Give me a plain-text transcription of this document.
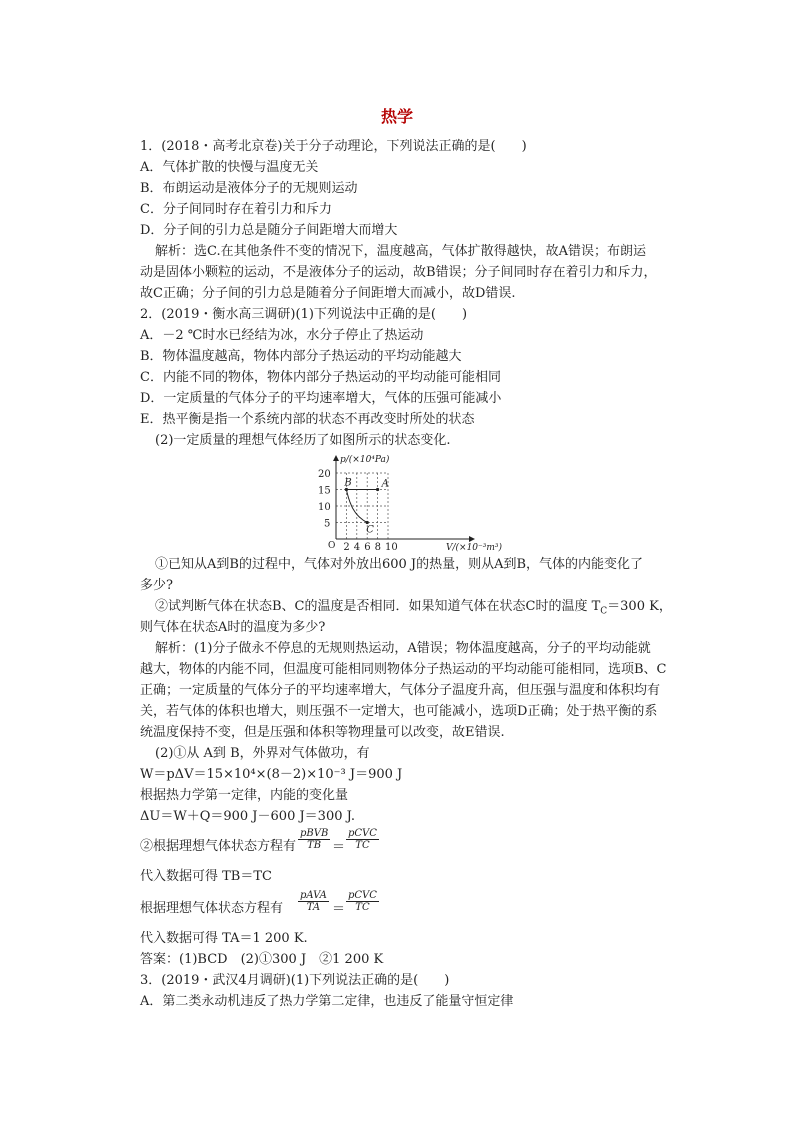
热学
1．(2018・高考北京卷)关于分子动理论，下列说法正确的是(　　)
A．气体扩散的快慢与温度无关
B．布朗运动是液体分子的无规则运动
C．分子间同时存在着引力和斥力
D．分子间的引力总是随分子间距增大而增大
解析：选C.在其他条件不变的情况下，温度越高，气体扩散得越快，故A错误；布朗运
动是固体小颗粒的运动，不是液体分子的运动，故B错误；分子间同时存在着引力和斥力，
故C正确；分子间的引力总是随着分子间距增大而减小，故D错误.
2．(2019・衡水高三调研)(1)下列说法中正确的是(　　)
A．－2 ℃时水已经结为冰，水分子停止了热运动
B．物体温度越高，物体内部分子热运动的平均动能越大
C．内能不同的物体，物体内部分子热运动的平均动能可能相同
D．一定质量的气体分子的平均速率增大，气体的压强可能减小
E．热平衡是指一个系统内部的状态不再改变时所处的状态
(2)一定质量的理想气体经历了如图所示的状态变化.
2 4 6 8 10
5
10
15
20
A
B
C
p/(×10⁴Pa)
V/(×10⁻³m³)
O
①已知从A到B的过程中，气体对外放出600 J的热量，则从A到B，气体的内能变化了
多少?
②试判断气体在状态B、C的温度是否相同．如果知道气体在状态C时的温度 $T_C=300$ K，
则气体在状态A时的温度为多少?
解析：(1)分子做永不停息的无规则热运动，A错误；物体温度越高，分子的平均动能就
越大，物体的内能不同，但温度可能相同则物体分子热运动的平均动能可能相同，选项B、C
正确；一定质量的气体分子的平均速率增大，气体分子温度升高，但压强与温度和体积均有
关，若气体的体积也增大，则压强不一定增大，也可能减小，选项D正确；处于热平衡的系
统温度保持不变，但是压强和体积等物理量可以改变，故E错误.
(2)①从 A到 B，外界对气体做功，有
W＝pΔV＝15×10⁴×(8－2)×10⁻³ J＝900 J
根据热力学第一定律，内能的变化量
ΔU＝W＋Q＝900 J－600 J＝300 J.
②根据理想气体状态方程有
pBVB
TB ＝
pCVC
TC
代入数据可得 TB＝TC
根据理想气体状态方程有
pAVA
TA ＝
pCVC
TC
代入数据可得 TA＝1 200 K.
答案：(1)BCD　(2)①300 J　②1 200 K
3．(2019・武汉4月调研)(1)下列说法正确的是(　　)
A．第二类永动机违反了热力学第二定律，也违反了能量守恒定律
